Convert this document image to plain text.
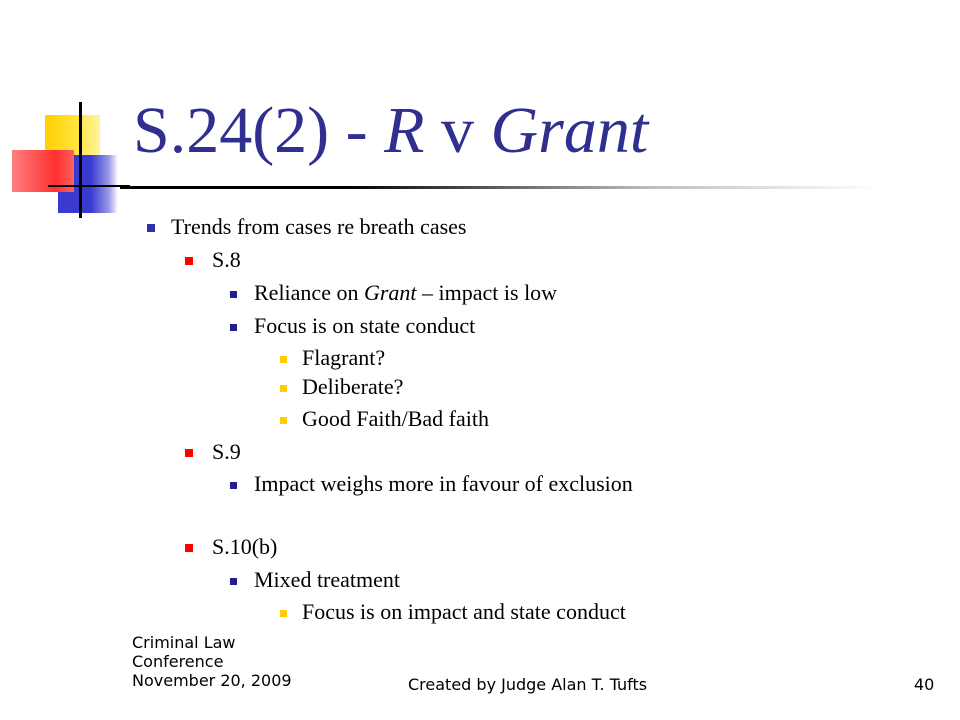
S.24(2) - R v Grant
Trends from cases re breath cases
S.8
Reliance on Grant – impact is low
Focus is on state conduct
Flagrant?
Deliberate?
Good Faith/Bad faith
S.9
Impact weighs more in favour of exclusion
S.10(b)
Mixed treatment
Focus is on impact and state conduct
Criminal Law
Conference
November 20, 2009	Created by Judge Alan T. Tufts	40
